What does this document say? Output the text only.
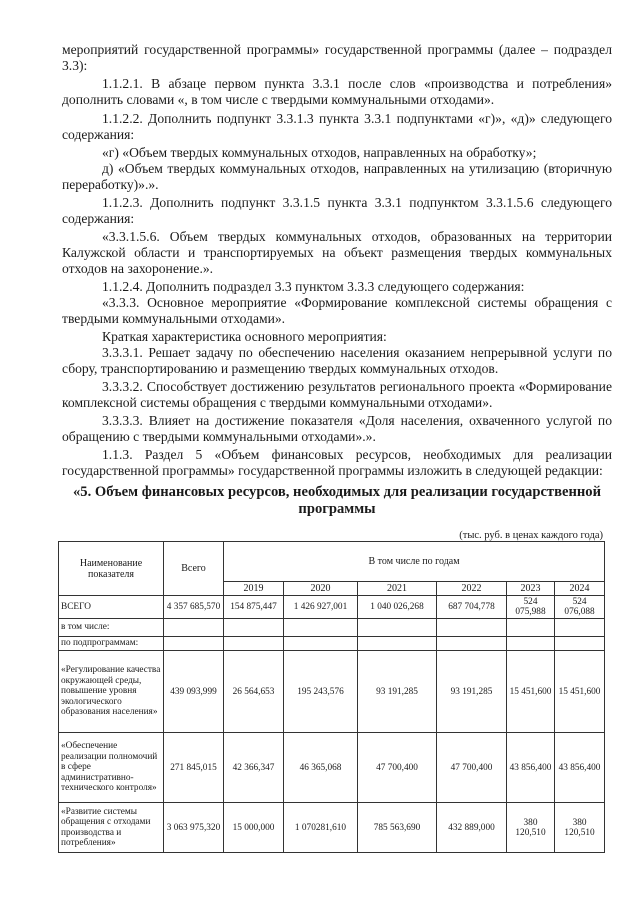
мероприятий государственной программы» государственной программы (далее – подраздел 3.3):
1.1.2.1. В абзаце первом пункта 3.3.1 после слов «производства и потребления» дополнить словами «, в том числе с твердыми коммунальными отходами».
1.1.2.2. Дополнить подпункт 3.3.1.3 пункта 3.3.1 подпунктами «г)», «д)» следующего содержания:
«г) «Объем твердых коммунальных отходов, направленных на обработку»;
д) «Объем твердых коммунальных отходов, направленных на утилизацию (вторичную переработку)».».
1.1.2.3. Дополнить подпункт 3.3.1.5 пункта 3.3.1 подпунктом 3.3.1.5.6 следующего содержания:
«3.3.1.5.6. Объем твердых коммунальных отходов, образованных на территории Калужской области и транспортируемых на объект размещения твердых коммунальных отходов на захоронение.».
1.1.2.4. Дополнить подраздел 3.3 пунктом 3.3.3 следующего содержания:
«3.3.3. Основное мероприятие «Формирование комплексной системы обращения с твердыми коммунальными отходами».
Краткая характеристика основного мероприятия:
3.3.3.1. Решает задачу по обеспечению населения оказанием непрерывной услуги по сбору, транспортированию и размещению твердых коммунальных отходов.
3.3.3.2. Способствует достижению результатов регионального проекта «Формирование комплексной системы обращения с твердыми коммунальными отходами».
3.3.3.3. Влияет на достижение показателя «Доля населения, охваченного услугой по обращению с твердыми коммунальными отходами».».
1.1.3. Раздел 5 «Объем финансовых ресурсов, необходимых для реализации государственной программы» государственной программы изложить в следующей редакции:
«5. Объем финансовых ресурсов, необходимых для реализации государственной программы
(тыс. руб. в ценах каждого года)
Наименование показателя	Всего	В том числе по годам					
		2019	2020	2021	2022	2023	2024
ВСЕГО	4 357 685,570	154 875,447	1 426 927,001	1 040 026,268	687 704,778	524 075,988	524 076,088
в том числе:							
по подпрограммам:							
«Регулирование качества окружающей среды, повышение уровня экологического образования населения»	439 093,999	26 564,653	195 243,576	93 191,285	93 191,285	15 451,600	15 451,600
«Обеспечение реализации полномочий в сфере административно-технического контроля»	271 845,015	42 366,347	46 365,068	47 700,400	47 700,400	43 856,400	43 856,400
«Развитие системы обращения с отходами производства и потребления»	3 063 975,320	15 000,000	1 070281,610	785 563,690	432 889,000	380 120,510	380 120,510
